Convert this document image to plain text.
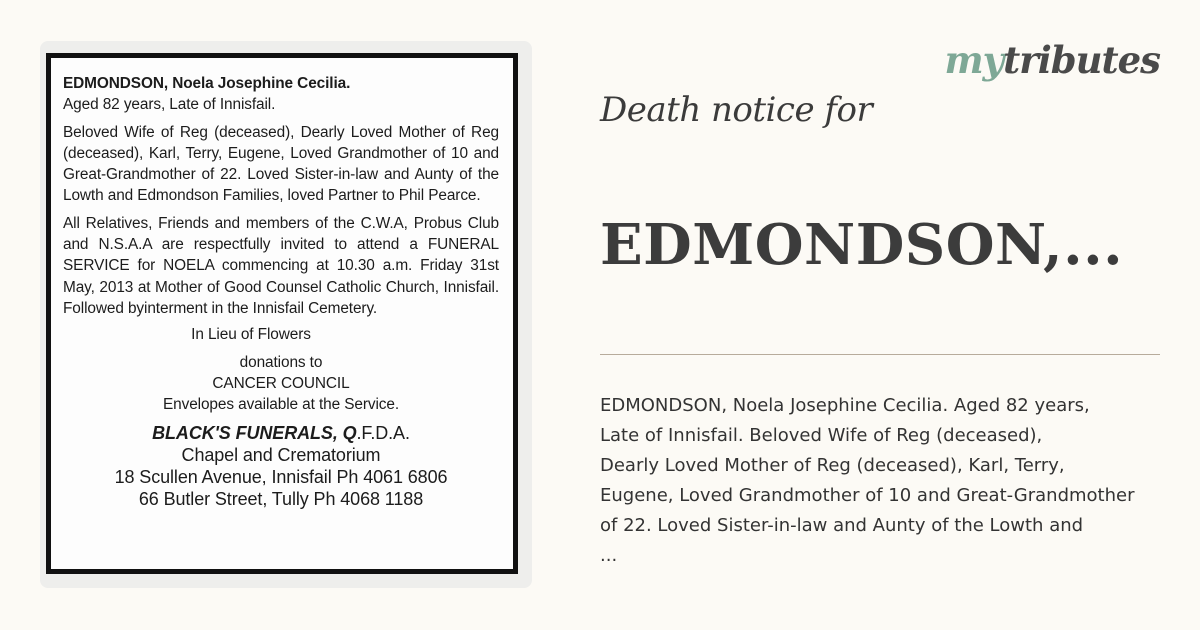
EDMONDSON, Noela Josephine Cecilia.

Aged 82 years, Late of Innisfail.

Beloved Wife of Reg (deceased), Dearly Loved Mother of Reg (deceased), Karl, Terry, Eugene, Loved Grandmother of 10 and Great-Grandmother of 22. Loved Sister-in-law and Aunty of the Lowth and Edmondson Families, loved Partner to Phil Pearce.

All Relatives, Friends and members of the C.W.A, Probus Club and N.S.A.A are respectfully invited to attend a FUNERAL SERVICE for NOELA commencing at 10.30 a.m. Friday 31st May, 2013 at Mother of Good Counsel Catholic Church, Innisfail. Followed byinterment in the Innisfail Cemetery.

In Lieu of Flowers

donations to

CANCER COUNCIL

Envelopes available at the Service.

BLACK'S FUNERALS, Q.F.D.A.
Chapel and Crematorium
18 Scullen Avenue, Innisfail Ph 4061 6806
66 Butler Street, Tully Ph 4068 1188
mytributes
Death notice for
EDMONDSON,...
EDMONDSON, Noela Josephine Cecilia. Aged 82 years,
Late of Innisfail. Beloved Wife of Reg (deceased),
Dearly Loved Mother of Reg (deceased), Karl, Terry,
Eugene, Loved Grandmother of 10 and Great-Grandmother
of 22. Loved Sister-in-law and Aunty of the Lowth and
...
